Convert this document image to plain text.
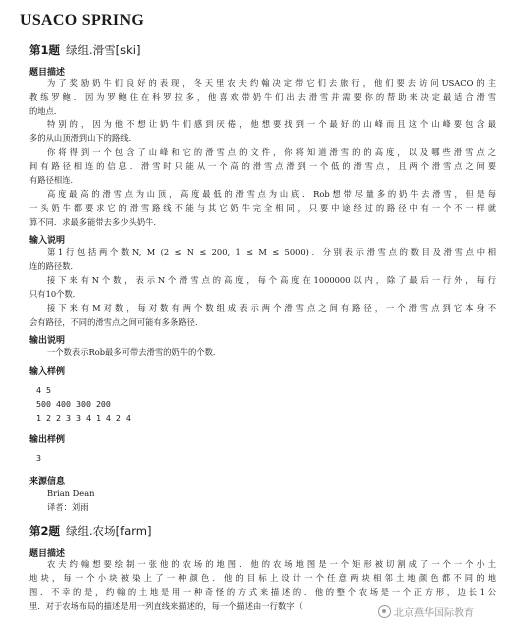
USACO SPRING
第1题 绿组.滑雪[ski]
题目描述
为了奖励奶牛们良好的表现，冬天里农夫约翰决定带它们去旅行，他们要去访问USACO的主
教练罗鲍．因为罗鲍住在科罗拉多，他喜欢带奶牛们出去滑雪并需要你的帮助来决定最适合滑雪
的地点．
特别的，因为他不想让奶牛们感到厌倦，他想要找到一个最好的山峰而且这个山峰要包含最
多的从山顶滑到山下的路线．
你将得到一个包含了山峰和它的滑雪点的文件，你将知道滑雪的的高度，以及哪些滑雪点之
间有路径相连的信息．滑雪时只能从一个高的滑雪点滑到一个低的滑雪点，且两个滑雪点之间要
有路径相连．
高度最高的滑雪点为山顶，高度最低的滑雪点为山底．Rob想带尽量多的奶牛去滑雪，但是每
一头奶牛都要求它的滑雪路线不能与其它奶牛完全相同，只要中途经过的路径中有一个不一样就
算不同．求最多能带去多少头奶牛．
输入说明
第1行包括两个数N, M (2 ≤ N ≤ 200, 1 ≤ M ≤ 5000)．分别表示滑雪点的数目及滑雪点中相
连的路径数．
接下来有N个数，表示N个滑雪点的高度，每个高度在1000000以内，除了最后一行外，每行
只有10个数．
接下来有M对数，每对数有两个数组成表示两个滑雪点之间有路径，一个滑雪点到它本身不
会有路径，不同的滑雪点之间可能有多条路径．
输出说明
一个数表示Rob最多可带去滑雪的奶牛的个数．
输入样例
4 5
500 400 300 200
1 2 2 3 3 4 1 4 2 4
输出样例
3
来源信息
Brian Dean
译者：刘雨
第2题 绿组.农场[farm]
题目描述
农夫约翰想要绘制一张他的农场的地图．他的农场地图是一个矩形被切割成了一个一个小土
地块，每一个小块被染上了一种颜色．他的目标上设计一个任意两块相邻土地颜色都不同的地
图．不幸的是，约翰的土地是用一种奇怪的方式来描述的．他的整个农场是一个正方形，边长1公
里．对于农场布局的描述是用一列直线来描述的，每一个描述由一行数字（
北京燕华国际教育
